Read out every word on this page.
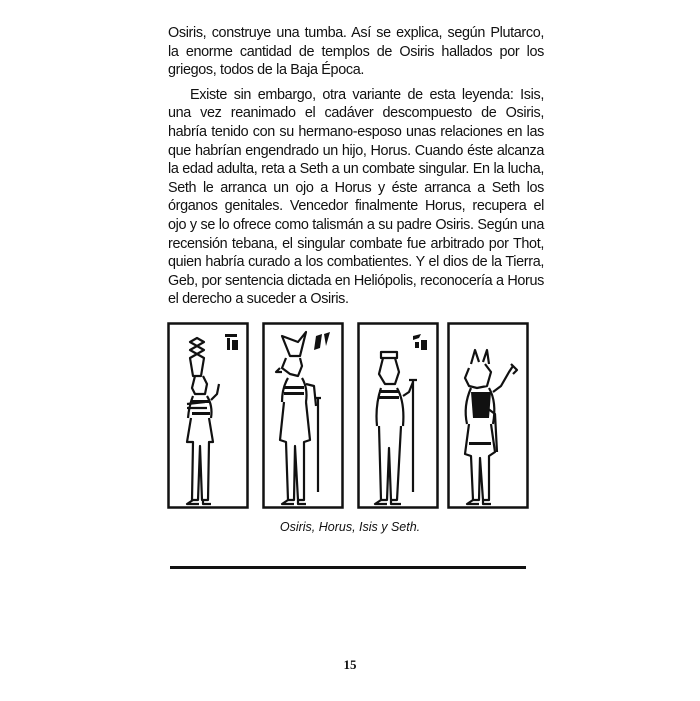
Osiris, construye una tumba. Así se explica, según Plutarco, la enorme cantidad de templos de Osiris hallados por los griegos, todos de la Baja Época.

Existe sin embargo, otra variante de esta leyenda: Isis, una vez reanimado el cadáver descompuesto de Osiris, habría tenido con su hermano-esposo unas relaciones en las que habrían engendrado un hijo, Horus. Cuando éste alcanza la edad adulta, reta a Seth a un combate singular. En la lucha, Seth le arranca un ojo a Horus y éste arranca a Seth los órganos genitales. Vencedor finalmente Horus, recupera el ojo y se lo ofrece como talismán a su padre Osiris. Según una recensión tebana, el singular combate fue arbitrado por Thot, quien habría curado a los combatientes. Y el dios de la Tierra, Geb, por sentencia dictada en Heliópolis, reconocería a Horus el derecho a suceder a Osiris.

Osiris, Horus, Isis y Seth.
15
